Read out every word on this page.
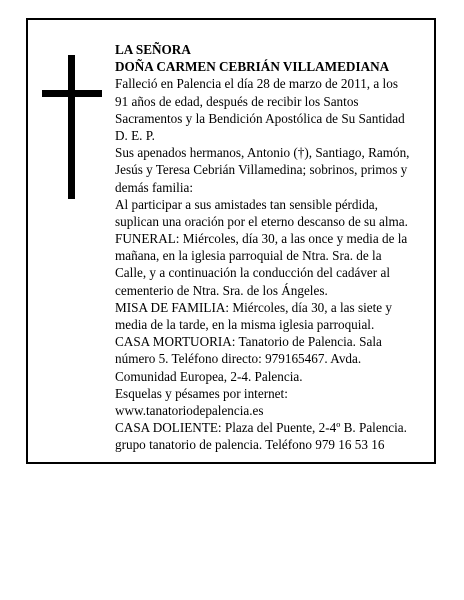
LA SEÑORA
DOÑA CARMEN CEBRIÁN VILLAMEDIANA
Falleció en Palencia el día 28 de marzo de 2011, a los
91 años de edad, después de recibir los Santos
Sacramentos y la Bendición Apostólica de Su Santidad
D. E. P.
Sus apenados hermanos, Antonio (†), Santiago, Ramón,
Jesús y Teresa Cebrián Villamedina; sobrinos, primos y
demás familia:
Al participar a sus amistades tan sensible pérdida,
suplican una oración por el eterno descanso de su alma.
FUNERAL: Miércoles, día 30, a las once y media de la
mañana, en la iglesia parroquial de Ntra. Sra. de la
Calle, y a continuación la conducción del cadáver al
cementerio de Ntra. Sra. de los Ángeles.
MISA DE FAMILIA: Miércoles, día 30, a las siete y
media de la tarde, en la misma iglesia parroquial.
CASA MORTUORIA: Tanatorio de Palencia. Sala
número 5. Teléfono directo: 979165467. Avda.
Comunidad Europea, 2-4. Palencia.
Esquelas y pésames por internet:
www.tanatoriodepalencia.es
CASA DOLIENTE: Plaza del Puente, 2-4º B. Palencia.
grupo tanatorio de palencia. Teléfono 979 16 53 16
